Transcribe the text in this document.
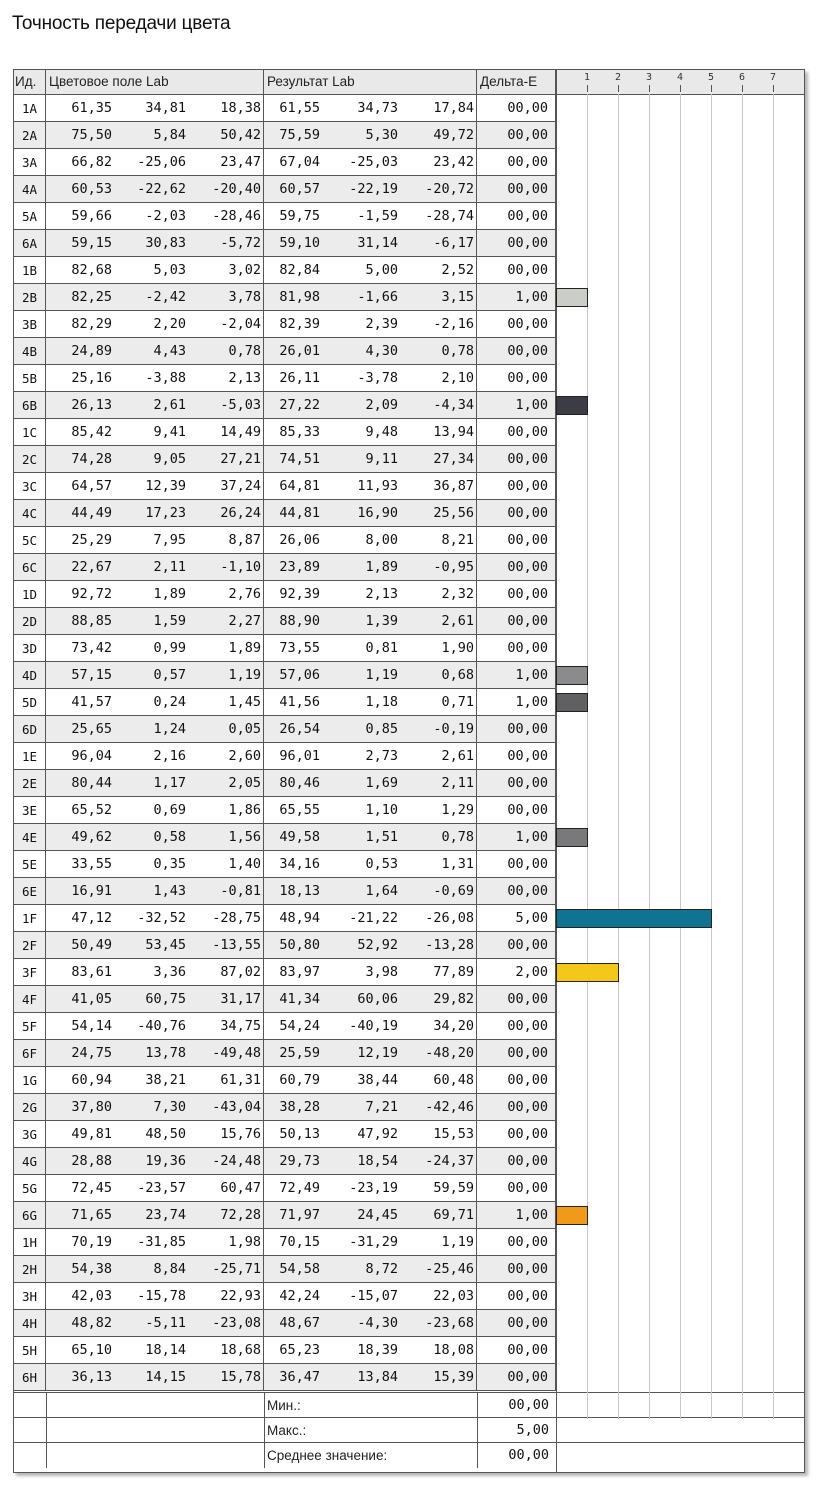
Точность передачи цвета
Ид. Цветовое поле Lab	Результат Lab	Дельта-E	1 2 3 4 5 6 7
1A	61,35	34,81	18,38	61,55	34,73	17,84	00,00
2A	75,50	5,84	50,42	75,59	5,30	49,72	00,00
3A	66,82	-25,06	23,47	67,04	-25,03	23,42	00,00
4A	60,53	-22,62	-20,40	60,57	-22,19	-20,72	00,00
5A	59,66	-2,03	-28,46	59,75	-1,59	-28,74	00,00
6A	59,15	30,83	-5,72	59,10	31,14	-6,17	00,00
1B	82,68	5,03	3,02	82,84	5,00	2,52	00,00
2B	82,25	-2,42	3,78	81,98	-1,66	3,15	1,00
3B	82,29	2,20	-2,04	82,39	2,39	-2,16	00,00
4B	24,89	4,43	0,78	26,01	4,30	0,78	00,00
5B	25,16	-3,88	2,13	26,11	-3,78	2,10	00,00
6B	26,13	2,61	-5,03	27,22	2,09	-4,34	1,00
1C	85,42	9,41	14,49	85,33	9,48	13,94	00,00
2C	74,28	9,05	27,21	74,51	9,11	27,34	00,00
3C	64,57	12,39	37,24	64,81	11,93	36,87	00,00
4C	44,49	17,23	26,24	44,81	16,90	25,56	00,00
5C	25,29	7,95	8,87	26,06	8,00	8,21	00,00
6C	22,67	2,11	-1,10	23,89	1,89	-0,95	00,00
1D	92,72	1,89	2,76	92,39	2,13	2,32	00,00
2D	88,85	1,59	2,27	88,90	1,39	2,61	00,00
3D	73,42	0,99	1,89	73,55	0,81	1,90	00,00
4D	57,15	0,57	1,19	57,06	1,19	0,68	1,00
5D	41,57	0,24	1,45	41,56	1,18	0,71	1,00
6D	25,65	1,24	0,05	26,54	0,85	-0,19	00,00
1E	96,04	2,16	2,60	96,01	2,73	2,61	00,00
2E	80,44	1,17	2,05	80,46	1,69	2,11	00,00
3E	65,52	0,69	1,86	65,55	1,10	1,29	00,00
4E	49,62	0,58	1,56	49,58	1,51	0,78	1,00
5E	33,55	0,35	1,40	34,16	0,53	1,31	00,00
6E	16,91	1,43	-0,81	18,13	1,64	-0,69	00,00
1F	47,12	-32,52	-28,75	48,94	-21,22	-26,08	5,00
2F	50,49	53,45	-13,55	50,80	52,92	-13,28	00,00
3F	83,61	3,36	87,02	83,97	3,98	77,89	2,00
4F	41,05	60,75	31,17	41,34	60,06	29,82	00,00
5F	54,14	-40,76	34,75	54,24	-40,19	34,20	00,00
6F	24,75	13,78	-49,48	25,59	12,19	-48,20	00,00
1G	60,94	38,21	61,31	60,79	38,44	60,48	00,00
2G	37,80	7,30	-43,04	38,28	7,21	-42,46	00,00
3G	49,81	48,50	15,76	50,13	47,92	15,53	00,00
4G	28,88	19,36	-24,48	29,73	18,54	-24,37	00,00
5G	72,45	-23,57	60,47	72,49	-23,19	59,59	00,00
6G	71,65	23,74	72,28	71,97	24,45	69,71	1,00
1H	70,19	-31,85	1,98	70,15	-31,29	1,19	00,00
2H	54,38	8,84	-25,71	54,58	8,72	-25,46	00,00
3H	42,03	-15,78	22,93	42,24	-15,07	22,03	00,00
4H	48,82	-5,11	-23,08	48,67	-4,30	-23,68	00,00
5H	65,10	18,14	18,68	65,23	18,39	18,08	00,00
6H	36,13	14,15	15,78	36,47	13,84	15,39	00,00
Мин.:	00,00
Макс.:	5,00
Среднее значение:	00,00
